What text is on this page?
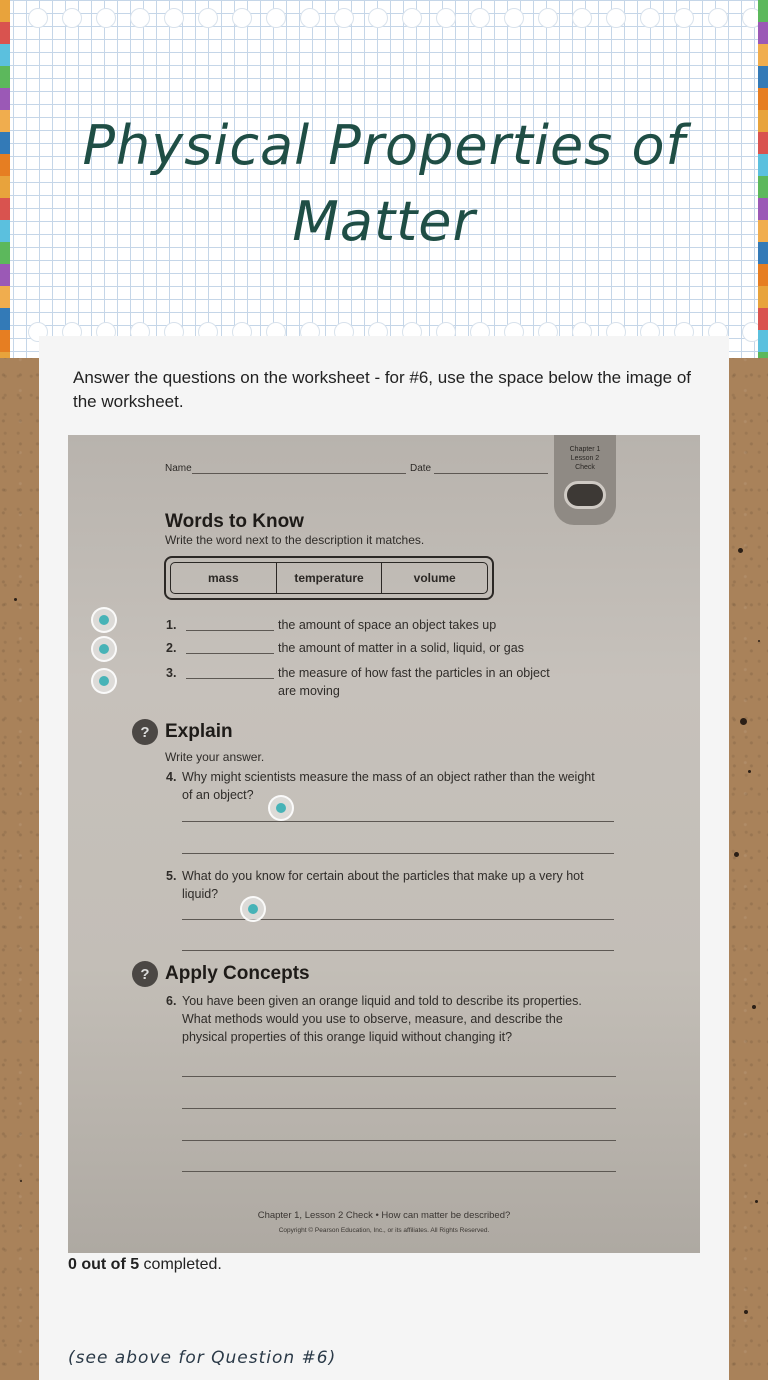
Physical Properties of Matter

Answer the questions on the worksheet - for #6, use the space below the image of the worksheet.

Name	Date
Chapter 1
Lesson 2
Check
Words to Know
Write the word next to the description it matches.
mass	temperature	volume
1.	the amount of space an object takes up
2.	the amount of matter in a solid, liquid, or gas
3.	the measure of how fast the particles in an object
are moving
? Explain
Write your answer.
4. Why might scientists measure the mass of an object rather than the weight
of an object?
5. What do you know for certain about the particles that make up a very hot
liquid?
? Apply Concepts
6. You have been given an orange liquid and told to describe its properties.
What methods would you use to observe, measure, and describe the
physical properties of this orange liquid without changing it?
Chapter 1, Lesson 2 Check • How can matter be described?
Copyright © Pearson Education, Inc., or its affiliates. All Rights Reserved.
0 out of 5 completed.
(see above for Question #6)
